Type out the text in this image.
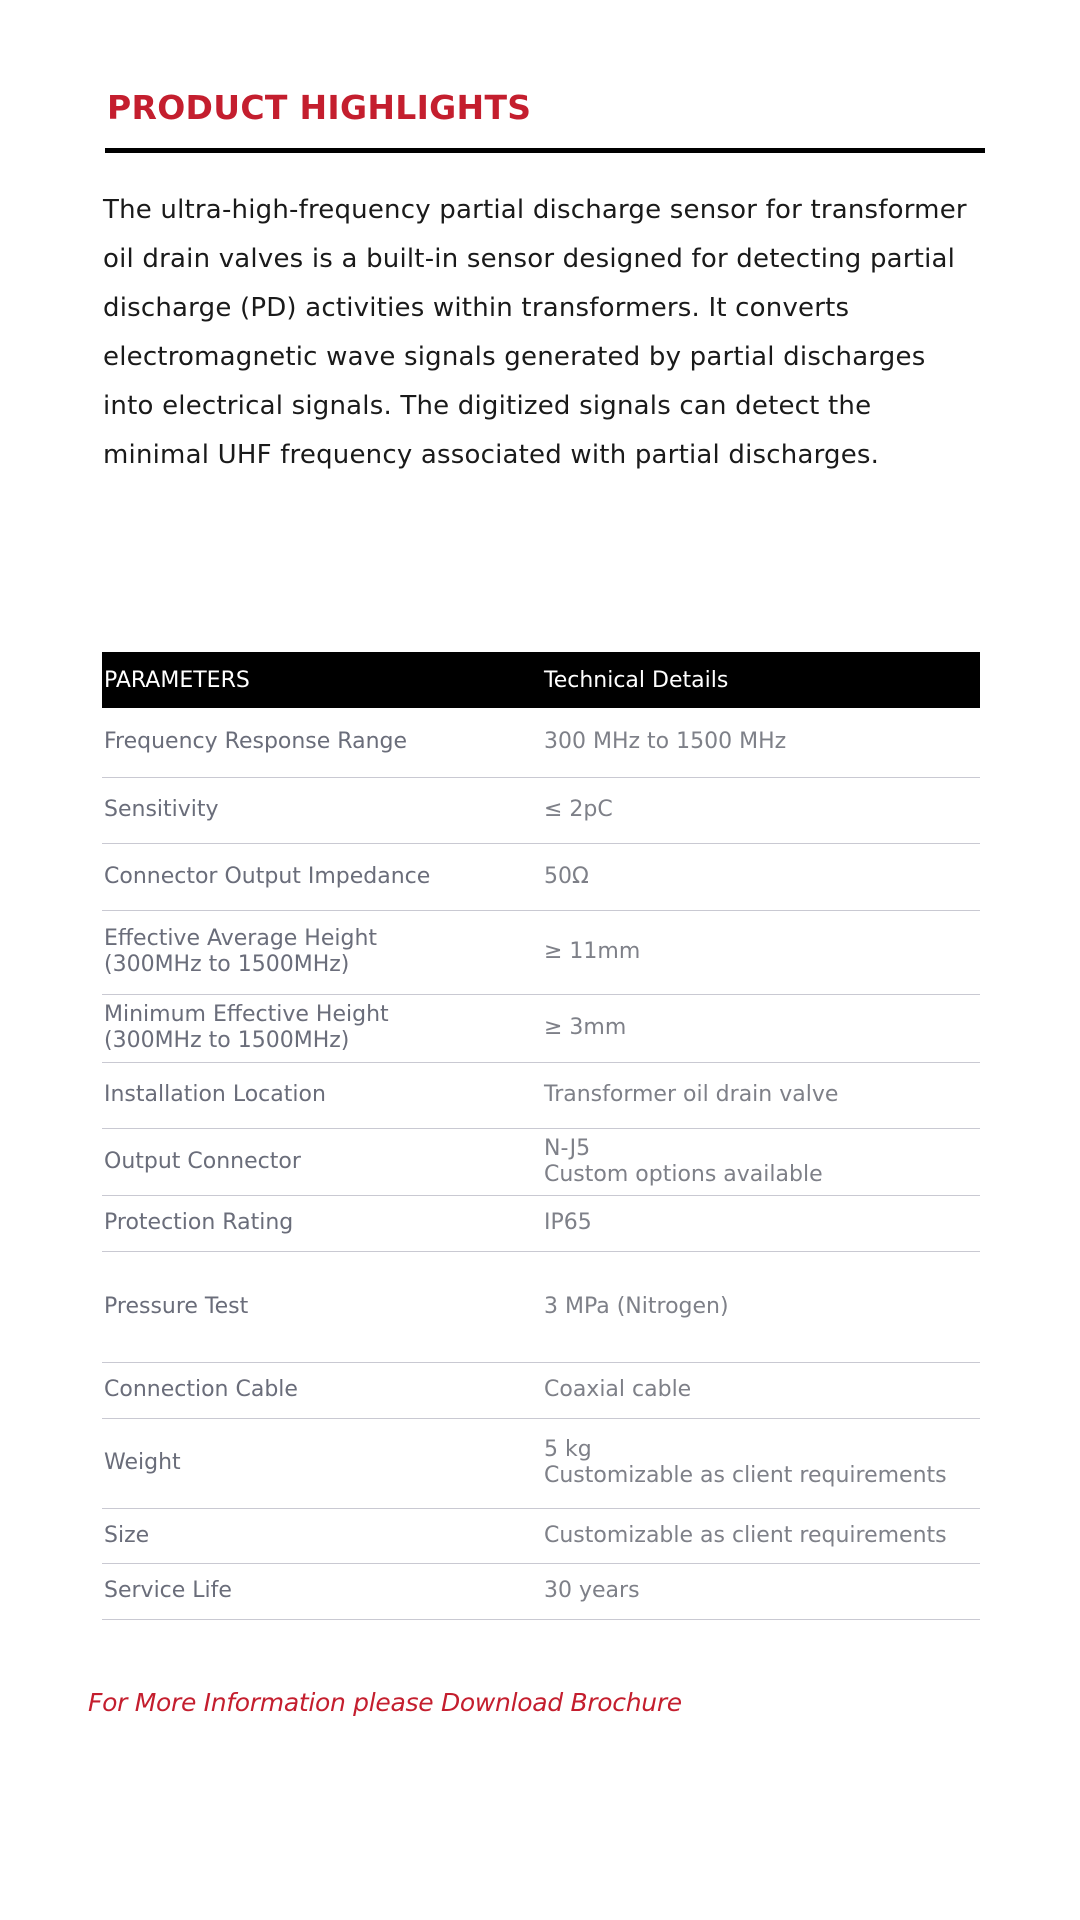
PRODUCT HIGHLIGHTS

The ultra-high-frequency partial discharge sensor for transformer oil drain valves is a built-in sensor designed for detecting partial discharge (PD) activities within transformers. It converts electromagnetic wave signals generated by partial discharges into electrical signals. The digitized signals can detect the minimal UHF frequency associated with partial discharges.

PARAMETERS	Technical Details
Frequency Response Range	300 MHz to 1500 MHz
Sensitivity	≤ 2pC
Connector Output Impedance	50Ω
Effective Average Height
(300MHz to 1500MHz)	≥ 11mm
Minimum Effective Height
(300MHz to 1500MHz)	≥ 3mm
Installation Location	Transformer oil drain valve
Output Connector	N-J5
Custom options available
Protection Rating	IP65
Pressure Test	3 MPa (Nitrogen)
Connection Cable	Coaxial cable
Weight	5 kg
Customizable as client requirements
Size	Customizable as client requirements
Service Life	30 years
For More Information please Download Brochure
